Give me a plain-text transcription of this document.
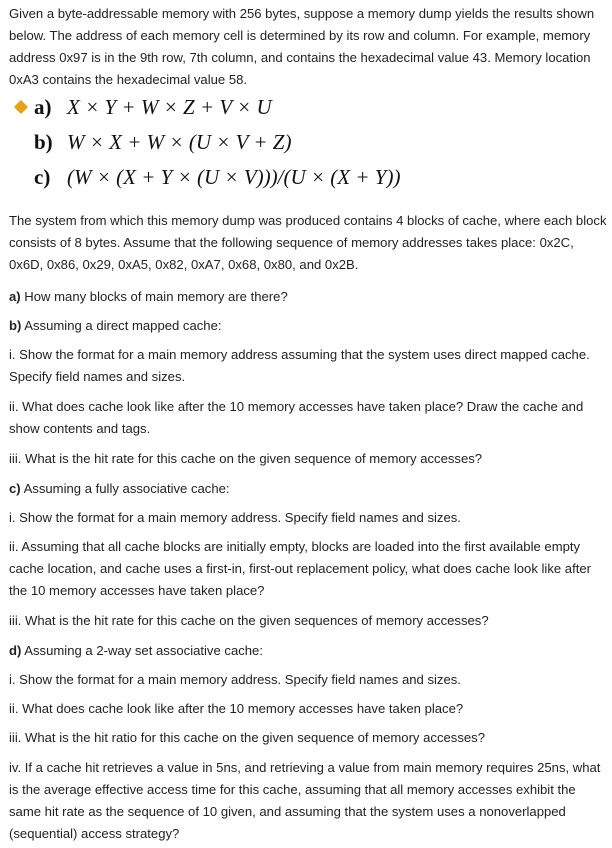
Given a byte-addressable memory with 256 bytes, suppose a memory dump yields the results shown below. The address of each memory cell is determined by its row and column. For example, memory address 0x97 is in the 9th row, 7th column, and contains the hexadecimal value 43. Memory location 0xA3 contains the hexadecimal value 58.

a) X × Y + W × Z + V × U
b) W × X + W × (U × V + Z)
c) (W × (X + Y × (U × V)))/(U × (X + Y))

The system from which this memory dump was produced contains 4 blocks of cache, where each block consists of 8 bytes. Assume that the following sequence of memory addresses takes place: 0x2C, 0x6D, 0x86, 0x29, 0xA5, 0x82, 0xA7, 0x68, 0x80, and 0x2B.

a) How many blocks of main memory are there?

b) Assuming a direct mapped cache:

i. Show the format for a main memory address assuming that the system uses direct mapped cache. Specify field names and sizes.

ii. What does cache look like after the 10 memory accesses have taken place? Draw the cache and show contents and tags.

iii. What is the hit rate for this cache on the given sequence of memory accesses?

c) Assuming a fully associative cache:

i. Show the format for a main memory address. Specify field names and sizes.

ii. Assuming that all cache blocks are initially empty, blocks are loaded into the first available empty cache location, and cache uses a first-in, first-out replacement policy, what does cache look like after the 10 memory accesses have taken place?

iii. What is the hit rate for this cache on the given sequences of memory accesses?

d) Assuming a 2-way set associative cache:

i. Show the format for a main memory address. Specify field names and sizes.

ii. What does cache look like after the 10 memory accesses have taken place?

iii. What is the hit ratio for this cache on the given sequence of memory accesses?

iv. If a cache hit retrieves a value in 5ns, and retrieving a value from main memory requires 25ns, what is the average effective access time for this cache, assuming that all memory accesses exhibit the same hit rate as the sequence of 10 given, and assuming that the system uses a nonoverlapped (sequential) access strategy?
